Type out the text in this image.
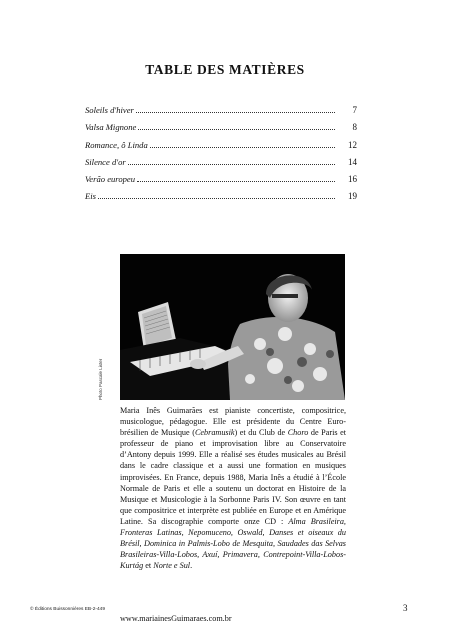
TABLE DES MATIÈRES
Soleils d'hiver	7
Valsa Mignone	8
Romance, ô Linda	12
Silence d'or	14
Verão europeu	16
Eis	19
Photo Pascale Lister
Maria Inês Guimarães est pianiste concertiste, compositrice, musicologue, pédagogue. Elle est présidente du Centre Euro-brésilien de Musique (Cebramusik) et du Club de Choro de Paris et professeur de piano et improvisation libre au Conservatoire d’Antony depuis 1999. Elle a réalisé ses études musicales au Brésil dans le cadre classique et a aussi une formation en musiques improvisées. En France, depuis 1988, Maria Inês a étudié à l’École Normale de Paris et elle a soutenu un doctorat en Histoire de la Musique et Musicologie à la Sorbonne Paris IV. Son œuvre en tant que compositrice et interprète est publiée en Europe et en Amérique Latine. Sa discographie comporte onze CD : Alma Brasileira, Fronteras Latinas, Nepomuceno, Oswald, Danses et oiseaux du Brésil, Dominica in Palmis-Lobo de Mesquita, Saudades das Selvas Brasileiras-Villa-Lobos, Axuí, Primavera, Contrepoint-Villa-Lobos-Kurtág et Norte e Sul.
www.mariainesGuimaraes.com.br
© Éditions Buissonnières EB-2-449	3
